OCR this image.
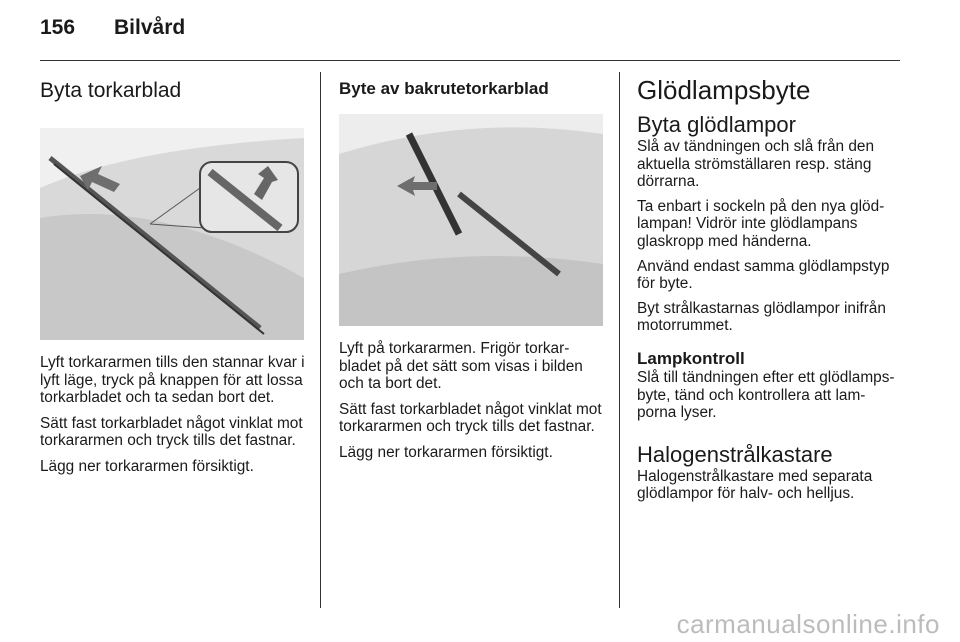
156 Bilvård
Byta torkarblad

Lyft torkararmen tills den stannar kvar i lyft läge, tryck på knappen för att lossa torkarbladet och ta sedan bort det.

Sätt fast torkarbladet något vinklat mot torkararmen och tryck tills det fastnar.

Lägg ner torkararmen försiktigt.

Byte av bakrutetorkarblad

Lyft på torkararmen. Frigör torkar- bladet på det sätt som visas i bilden och ta bort det.

Sätt fast torkarbladet något vinklat mot torkararmen och tryck tills det fastnar.

Lägg ner torkararmen försiktigt.

Glödlampsbyte
Byta glödlampor

Slå av tändningen och slå från den aktuella strömställaren resp. stäng dörrarna.

Ta enbart i sockeln på den nya glöd- lampan! Vidrör inte glödlampans glaskropp med händerna.

Använd endast samma glödlampstyp för byte.

Byt strålkastarnas glödlampor inifrån motorrummet.

Lampkontroll

Slå till tändningen efter ett glödlamps- byte, tänd och kontrollera att lam- porna lyser.

Halogenstrålkastare

Halogenstrålkastare med separata glödlampor för halv- och helljus.

carmanualsonline.info
